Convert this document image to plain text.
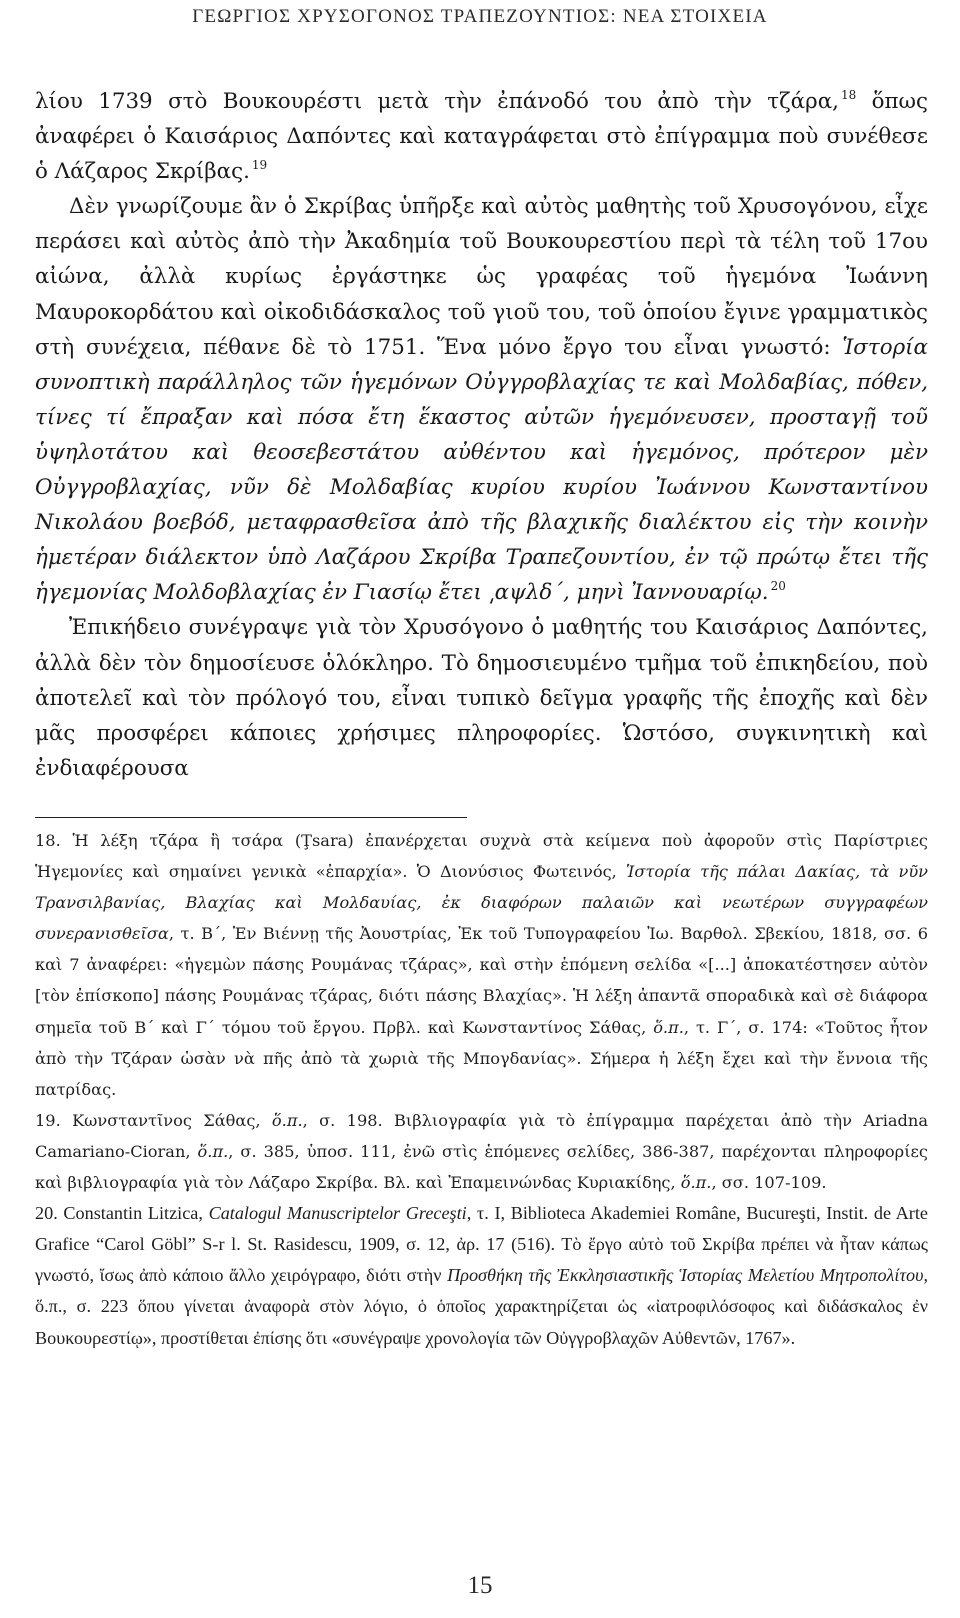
ΓΕΩΡΓΙΟΣ ΧΡΥΣΟΓΟΝΟΣ ΤΡΑΠΕΖΟΥΝΤΙΟΣ: ΝΕΑ ΣΤΟΙΧΕΙΑ

λίου 1739 στὸ Βουκουρέστι μετὰ τὴν ἐπάνοδό του ἀπὸ τὴν τζάρα, $^{18}$ ὅπως ἀναφέρει ὁ Καισάριος Δαπόντες καὶ καταγράφεται στὸ ἐπίγραμμα ποὺ συνέθεσε ὁ Λάζαρος Σκρίβας. $^{19}$

Δὲν γνωρίζουμε ἂν ὁ Σκρίβας ὑπῆρξε καὶ αὐτὸς μαθητὴς τοῦ Χρυσογόνου, εἶχε περάσει καὶ αὐτὸς ἀπὸ τὴν Ἀκαδημία τοῦ Βουκουρεστίου περὶ τὰ τέλη τοῦ 17ου αἰώνα, ἀλλὰ κυρίως ἐργάστηκε ὡς γραφέας τοῦ ἡγεμόνα Ἰωάννη Μαυροκορδάτου καὶ οἰκοδιδάσκαλος τοῦ γιοῦ του, τοῦ ὁποίου ἔγινε γραμματικὸς στὴ συνέχεια, πέθανε δὲ τὸ 1751. Ἕνα μόνο ἔργο του εἶναι γνωστό: Ἱστορία συνοπτικὴ παράλληλος τῶν ἡγεμόνων Οὐγγροβλαχίας τε καὶ Μολδαβίας, πόθεν, τίνες τί ἔπραξαν καὶ πόσα ἔτη ἕκαστος αὐτῶν ἡγεμόνευσεν, προσταγῇ τοῦ ὑψηλοτάτου καὶ θεοσεβεστάτου αὐθέντου καὶ ἡγεμόνος, πρότερον μὲν Οὐγγροβλαχίας, νῦν δὲ Μολδαβίας κυρίου κυρίου Ἰωάννου Κωνσταντίνου Νικολάου βοεβόδ, μεταφρασθεῖσα ἀπὸ τῆς βλαχικῆς διαλέκτου εἰς τὴν κοινὴν ἡμετέραν διάλεκτον ὑπὸ Λαζάρου Σκρίβα Τραπεζουντίου, ἐν τῷ πρώτῳ ἔτει τῆς ἡγεμονίας Μολδοβλαχίας ἐν Γιασίῳ ἔτει ͵αψλδ´, μηνὶ Ἰαννουαρίῳ. $^{20}$

Ἐπικήδειο συνέγραψε γιὰ τὸν Χρυσόγονο ὁ μαθητής του Καισάριος Δαπόντες, ἀλλὰ δὲν τὸν δημοσίευσε ὁλόκληρο. Τὸ δημοσιευμένο τμῆμα τοῦ ἐπικηδείου, ποὺ ἀποτελεῖ καὶ τὸν πρόλογό του, εἶναι τυπικὸ δεῖγμα γραφῆς τῆς ἐποχῆς καὶ δὲν μᾶς προσφέρει κάποιες χρήσιμες πληροφορίες. Ὡστόσο, συγκινητικὴ καὶ ἐνδιαφέρουσα

18. Ἡ λέξη τζάρα ἢ τσάρα (Ţsara) ἐπανέρχεται συχνὰ στὰ κείμενα ποὺ ἀφοροῦν στὶς Παρίστριες Ἡγεμονίες καὶ σημαίνει γενικὰ «ἐπαρχία». Ὁ Διονύσιος Φωτεινός, Ἱστορία τῆς πάλαι Δακίας, τὰ νῦν Τρανσιλβανίας, Βλαχίας καὶ Μολδαυίας, ἐκ διαφόρων παλαιῶν καὶ νεωτέρων συγγραφέων συνερανισθεῖσα, τ. Β´, Ἐν Βιέννῃ τῆς Ἀουστρίας, Ἐκ τοῦ Τυπογραφείου Ἰω. Βαρθολ. Σβεκίου, 1818, σσ. 6 καὶ 7 ἀναφέρει: «ἡγεμὼν πάσης Ρουμάνας τζάρας», καὶ στὴν ἑπόμενη σελίδα «[...] ἀποκατέστησεν αὐτὸν [τὸν ἐπίσκοπο] πάσης Ρουμάνας τζάρας, διότι πάσης Βλαχίας». Ἡ λέξη ἀπαντᾶ σποραδικὰ καὶ σὲ διάφορα σημεῖα τοῦ Β´ καὶ Γ´ τόμου τοῦ ἔργου. Πρβλ. καὶ Κωνσταντίνος Σάθας, ὅ.π., τ. Γ´, σ. 174: «Τοῦτος ἦτον ἀπὸ τὴν Τζάραν ὡσὰν νὰ πῆς ἀπὸ τὰ χωριὰ τῆς Μπογδανίας». Σήμερα ἡ λέξη ἔχει καὶ τὴν ἔννοια τῆς πατρίδας.

19. Κωνσταντῖνος Σάθας, ὅ.π., σ. 198. Βιβλιογραφία γιὰ τὸ ἐπίγραμμα παρέχεται ἀπὸ τὴν Ariadna Camariano-Cioran, ὅ.π., σ. 385, ὑποσ. 111, ἐνῶ στὶς ἑπόμενες σελίδες, 386-387, παρέχονται πληροφορίες καὶ βιβλιογραφία γιὰ τὸν Λάζαρο Σκρίβα. Βλ. καὶ Ἐπαμεινώνδας Κυριακίδης, ὅ.π., σσ. 107-109.

20. Constantin Litzica, Catalogul Manuscriptelor Greceşti, τ. I, Biblioteca Akademiei Române, Bucureşti, Instit. de Arte Grafice “Carol Göbl” S-r l. St. Rasidescu, 1909, σ. 12, ἀρ. 17 (516). Τὸ ἔργο αὐτὸ τοῦ Σκρίβα πρέπει νὰ ἦταν κάπως γνωστό, ἴσως ἀπὸ κάποιο ἄλλο χειρόγραφο, διότι στὴν Προσθήκη τῆς Ἐκκλησιαστικῆς Ἱστορίας Μελετίου Μητροπολίτου, ὅ.π., σ. 223 ὅπου γίνεται ἀναφορὰ στὸν λόγιο, ὁ ὁποῖος χαρακτηρίζεται ὡς «ἰατροφιλόσοφος καὶ διδάσκαλος ἐν Βουκουρεστίῳ», προστίθεται ἐπίσης ὅτι «συνέγραψε χρονολογία τῶν Οὐγγροβλαχῶν Αὐθεντῶν, 1767».

15
